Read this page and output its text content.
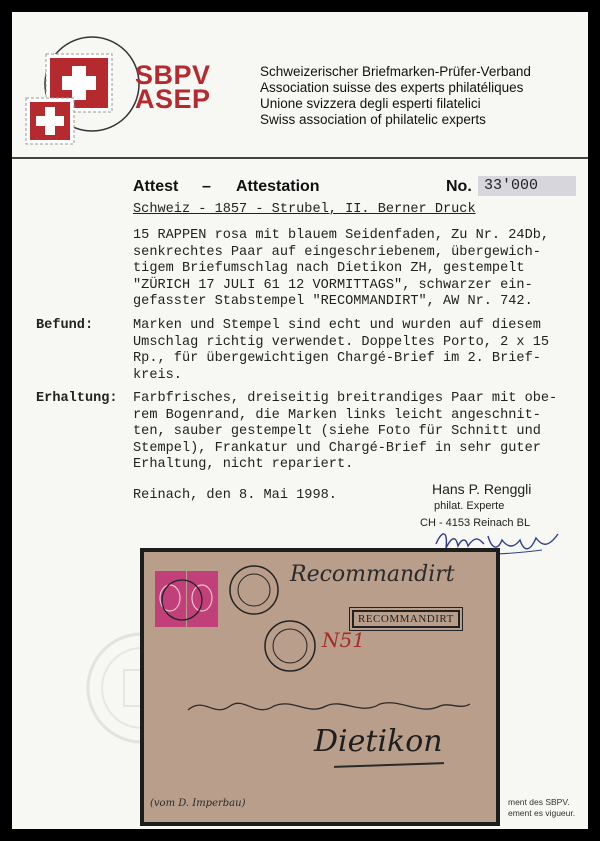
SBPV
ASEP
Schweizerischer Briefmarken-Prüfer-Verband
Association suisse des experts philatéliques
Unione svizzera degli esperti filatelici
Swiss association of philatelic experts
Attest – Attestation	No. 33'000
Schweiz - 1857 - Strubel, II. Berner Druck
15 RAPPEN rosa mit blauem Seidenfaden, Zu Nr. 24Db,
senkrechtes Paar auf eingeschriebenem, übergewich-
tigem Briefumschlag nach Dietikon ZH, gestempelt
"ZÜRICH 17 JULI 61 12 VORMITTAGS", schwarzer ein-
gefasster Stabstempel "RECOMMANDIRT", AW Nr. 742.
Befund:	Marken und Stempel sind echt und wurden auf diesem
Umschlag richtig verwendet. Doppeltes Porto, 2 x 15
Rp., für übergewichtigen Chargé-Brief im 2. Brief-
kreis.
Erhaltung: Farbfrisches, dreiseitig breitrandiges Paar mit obe-
rem Bogenrand, die Marken links leicht angeschnit-
ten, sauber gestempelt (siehe Foto für Schnitt und
Stempel), Frankatur und Chargé-Brief in sehr guter
Erhaltung, nicht repariert.
Reinach, den 8. Mai 1998.	Hans P. Renggli
philat. Experte
CH - 4153 Reinach BL
Recommandirt
RECOMMANDIRT
N51
Dietikon
(vom D. Imperbau)	ment des SBPV.
ement es vigueur.
